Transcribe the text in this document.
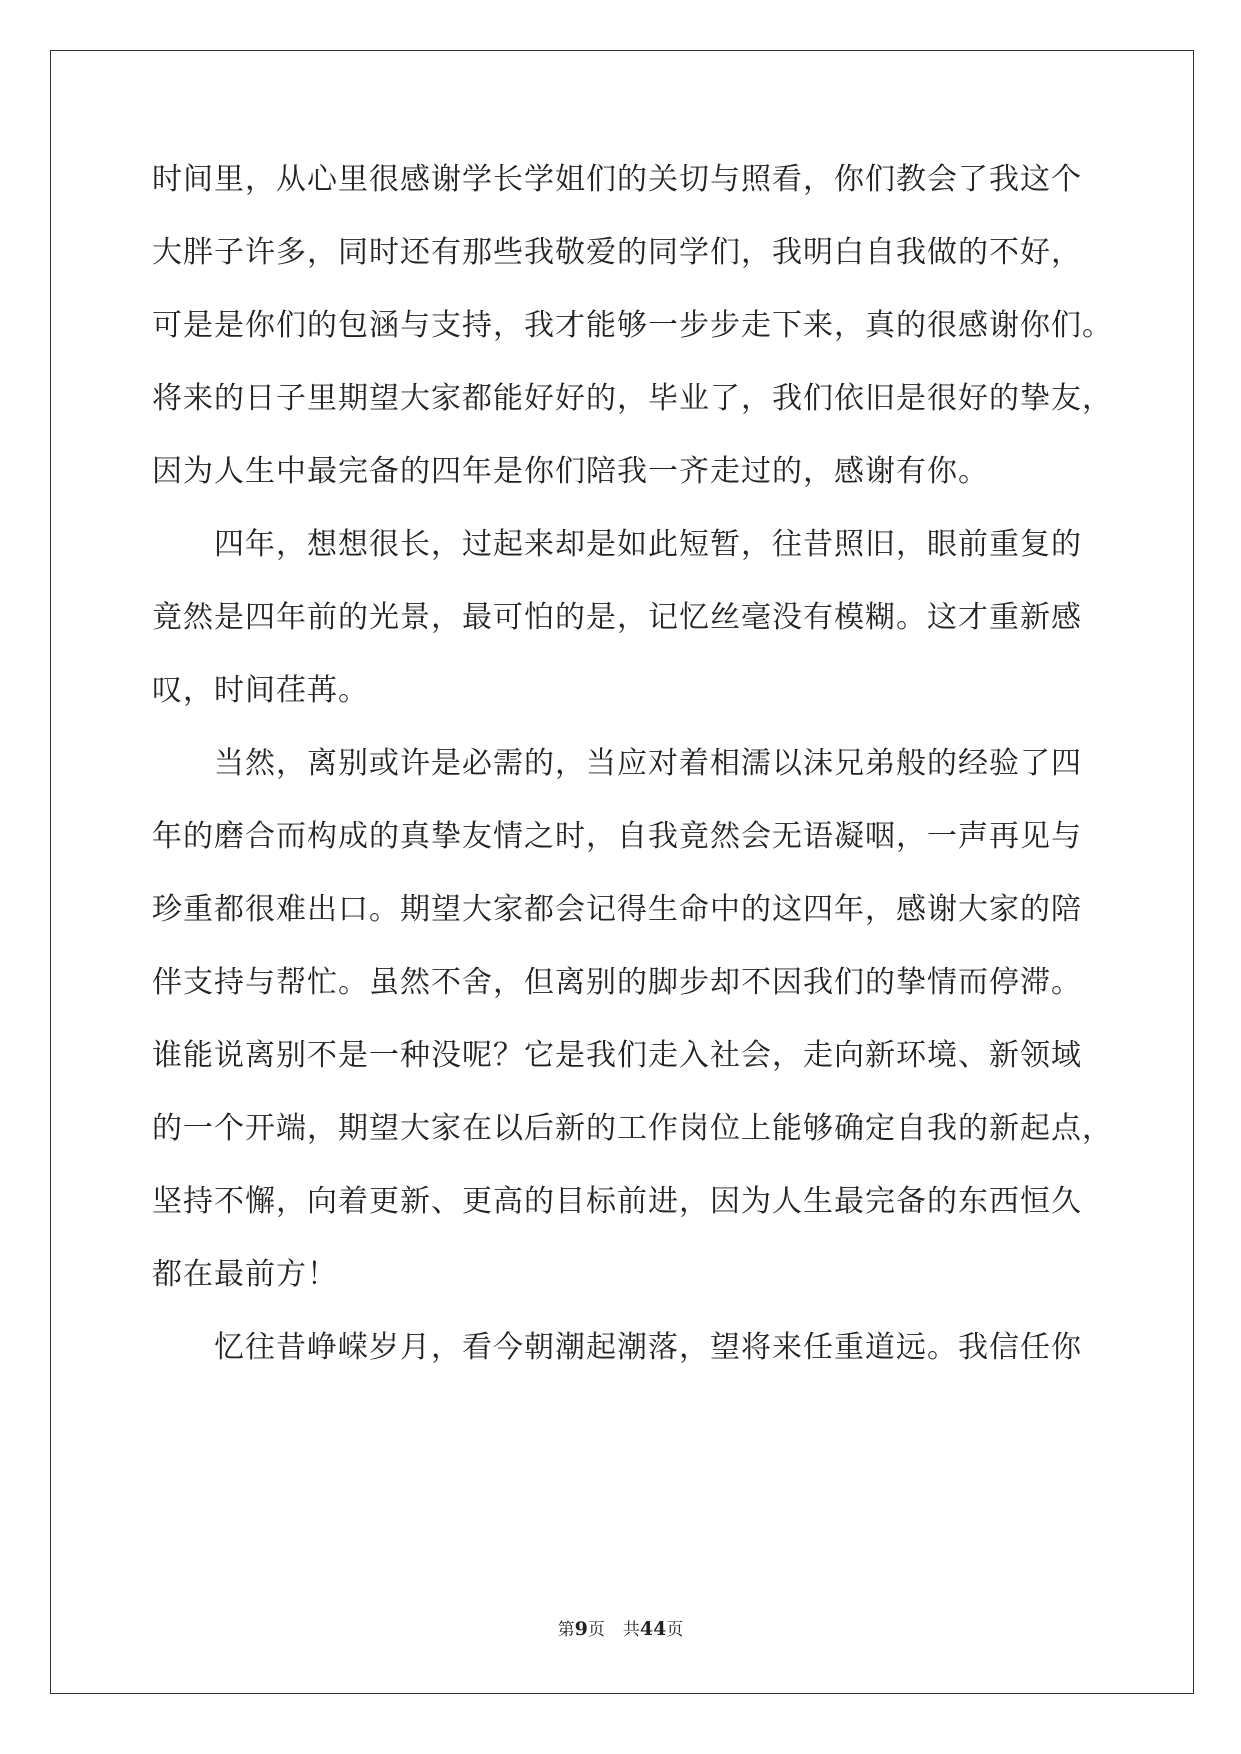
时间里，从心里很感谢学长学姐们的关切与照看，你们教会了我这个
大胖子许多，同时还有那些我敬爱的同学们，我明白自我做的不好，
可是是你们的包涵与支持，我才能够一步步走下来，真的很感谢你们。
将来的日子里期望大家都能好好的，毕业了，我们依旧是很好的挚友，
因为人生中最完备的四年是你们陪我一齐走过的，感谢有你。
四年，想想很长，过起来却是如此短暂，往昔照旧，眼前重复的
竟然是四年前的光景，最可怕的是，记忆丝毫没有模糊。这才重新感
叹，时间荏苒。
当然，离别或许是必需的，当应对着相濡以沫兄弟般的经验了四
年的磨合而构成的真挚友情之时，自我竟然会无语凝咽，一声再见与
珍重都很难出口。期望大家都会记得生命中的这四年，感谢大家的陪
伴支持与帮忙。虽然不舍，但离别的脚步却不因我们的挚情而停滞。
谁能说离别不是一种没呢？它是我们走入社会，走向新环境、新领域
的一个开端，期望大家在以后新的工作岗位上能够确定自我的新起点，
坚持不懈，向着更新、更高的目标前进，因为人生最完备的东西恒久
都在最前方！
忆往昔峥嵘岁月，看今朝潮起潮落，望将来任重道远。我信任你
第9页 共44页
